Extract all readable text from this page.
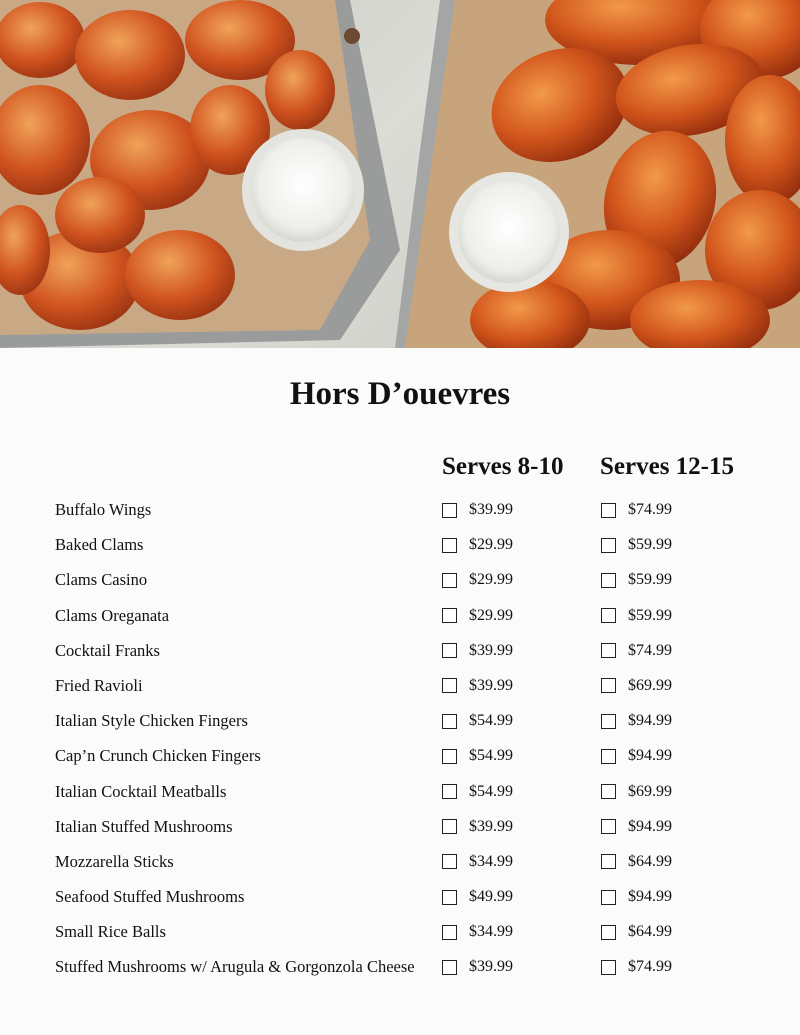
Hors D’ouevres
Serves 8-10 Serves 12-15
Buffalo Wings	$39.99	$74.99
Baked Clams	$29.99	$59.99
Clams Casino	$29.99	$59.99
Clams Oreganata	$29.99	$59.99
Cocktail Franks	$39.99	$74.99
Fried Ravioli	$39.99	$69.99
Italian Style Chicken Fingers	$54.99	$94.99
Cap’n Crunch Chicken Fingers	$54.99	$94.99
Italian Cocktail Meatballs	$54.99	$69.99
Italian Stuffed Mushrooms	$39.99	$94.99
Mozzarella Sticks	$34.99	$64.99
Seafood Stuffed Mushrooms	$49.99	$94.99
Small Rice Balls	$34.99	$64.99
Stuffed Mushrooms w/ Arugula & Gorgonzola Cheese	$39.99	$74.99
